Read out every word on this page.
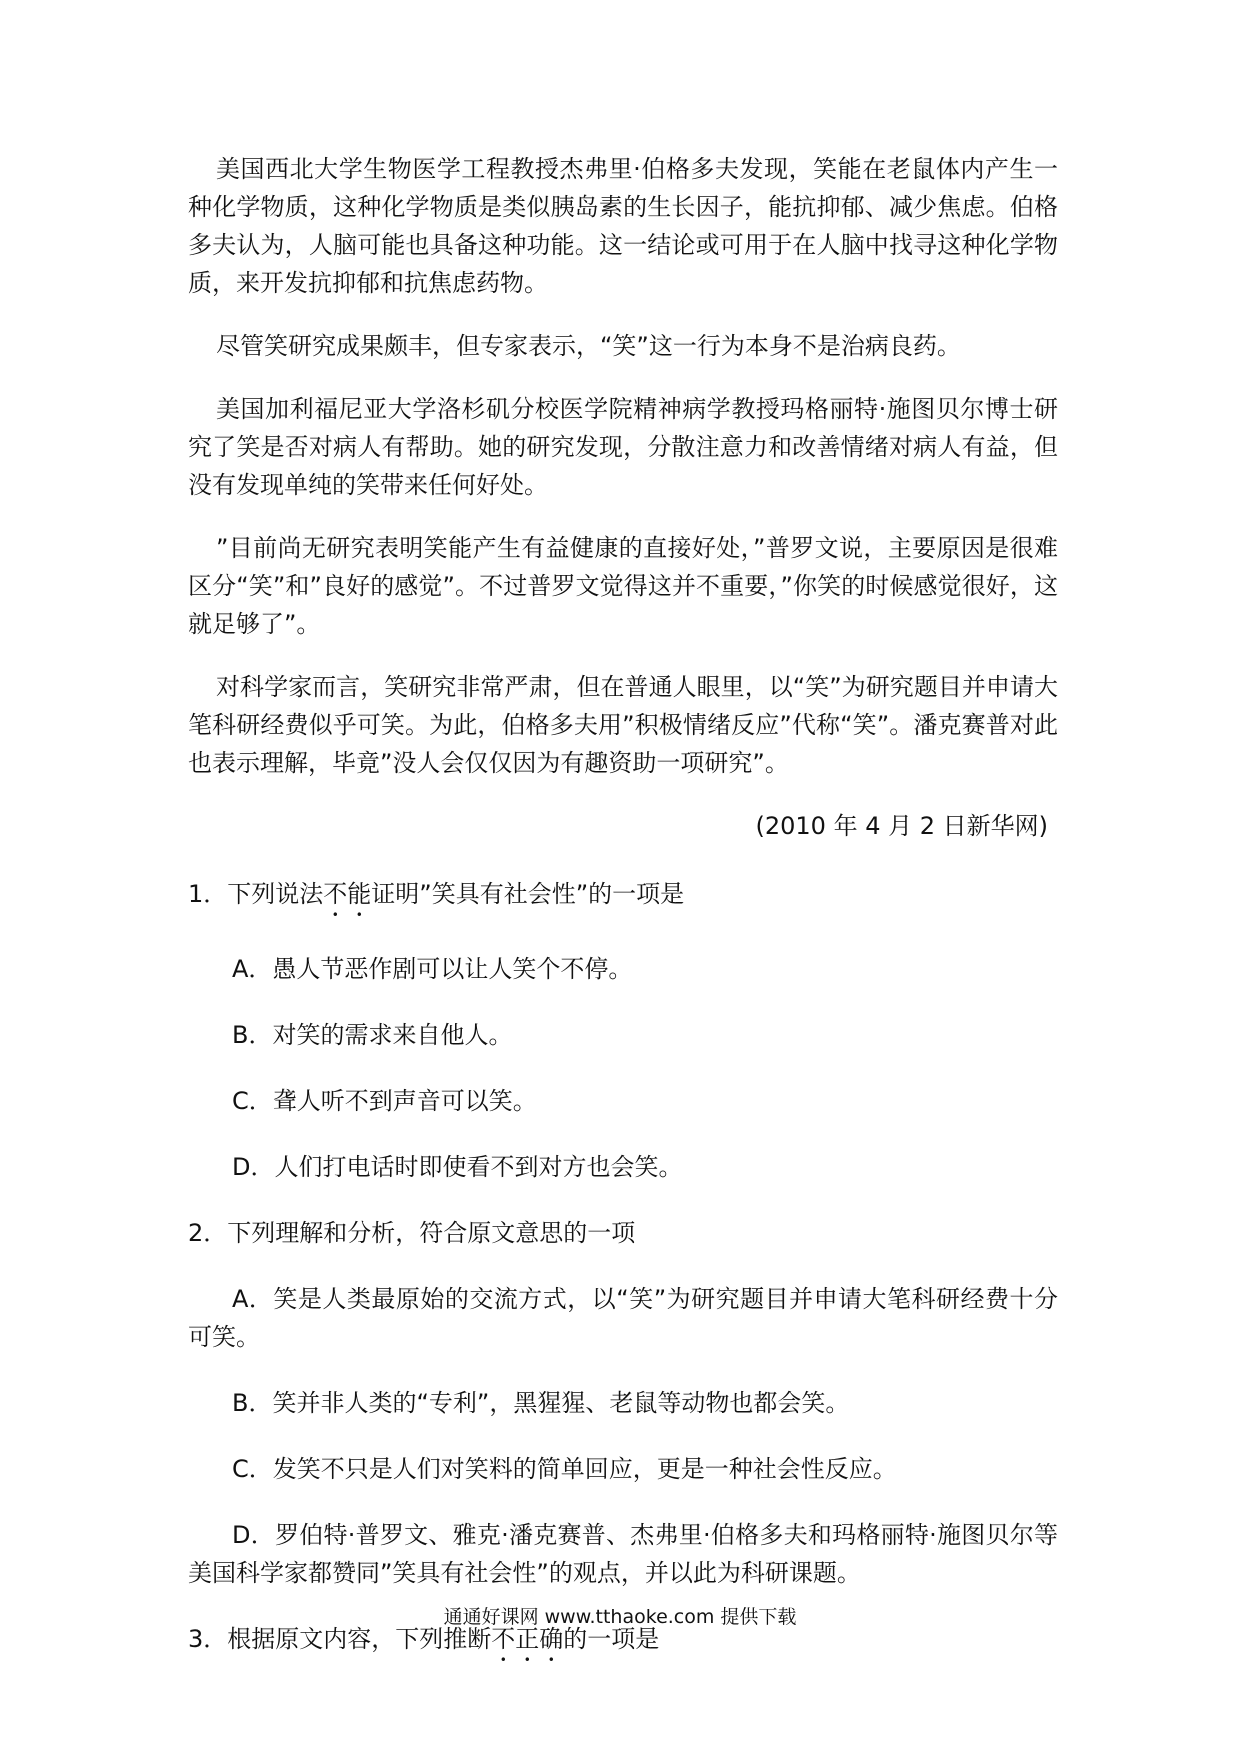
美国西北大学生物医学工程教授杰弗里·伯格多夫发现，笑能在老鼠体内产生一种化学物质，这种化学物质是类似胰岛素的生长因子，能抗抑郁、减少焦虑。伯格多夫认为，人脑可能也具备这种功能。这一结论或可用于在人脑中找寻这种化学物质，来开发抗抑郁和抗焦虑药物。

尽管笑研究成果颇丰，但专家表示，“笑”这一行为本身不是治病良药。

美国加利福尼亚大学洛杉矶分校医学院精神病学教授玛格丽特·施图贝尔博士研究了笑是否对病人有帮助。她的研究发现，分散注意力和改善情绪对病人有益，但没有发现单纯的笑带来任何好处。

”目前尚无研究表明笑能产生有益健康的直接好处，”普罗文说，主要原因是很难区分“笑”和”良好的感觉”。不过普罗文觉得这并不重要，”你笑的时候感觉很好，这就足够了”。

对科学家而言，笑研究非常严肃，但在普通人眼里，以“笑”为研究题目并申请大笔科研经费似乎可笑。为此，伯格多夫用”积极情绪反应”代称“笑”。潘克赛普对此也表示理解，毕竟”没人会仅仅因为有趣资助一项研究”。

(2010 年 4 月 2 日新华网)

1．下列说法不能证明”笑具有社会性”的一项是

A．愚人节恶作剧可以让人笑个不停。

B．对笑的需求来自他人。

C．聋人听不到声音可以笑。

D．人们打电话时即使看不到对方也会笑。

2．下列理解和分析，符合原文意思的一项

A．笑是人类最原始的交流方式，以“笑”为研究题目并申请大笔科研经费十分可笑。

B．笑并非人类的“专利”，黑猩猩、老鼠等动物也都会笑。

C．发笑不只是人们对笑料的简单回应，更是一种社会性反应。

D．罗伯特·普罗文、雅克·潘克赛普、杰弗里·伯格多夫和玛格丽特·施图贝尔等美国科学家都赞同”笑具有社会性”的观点，并以此为科研课题。

3．根据原文内容，下列推断不正确的一项是

通通好课网 www.tthaoke.com 提供下载
